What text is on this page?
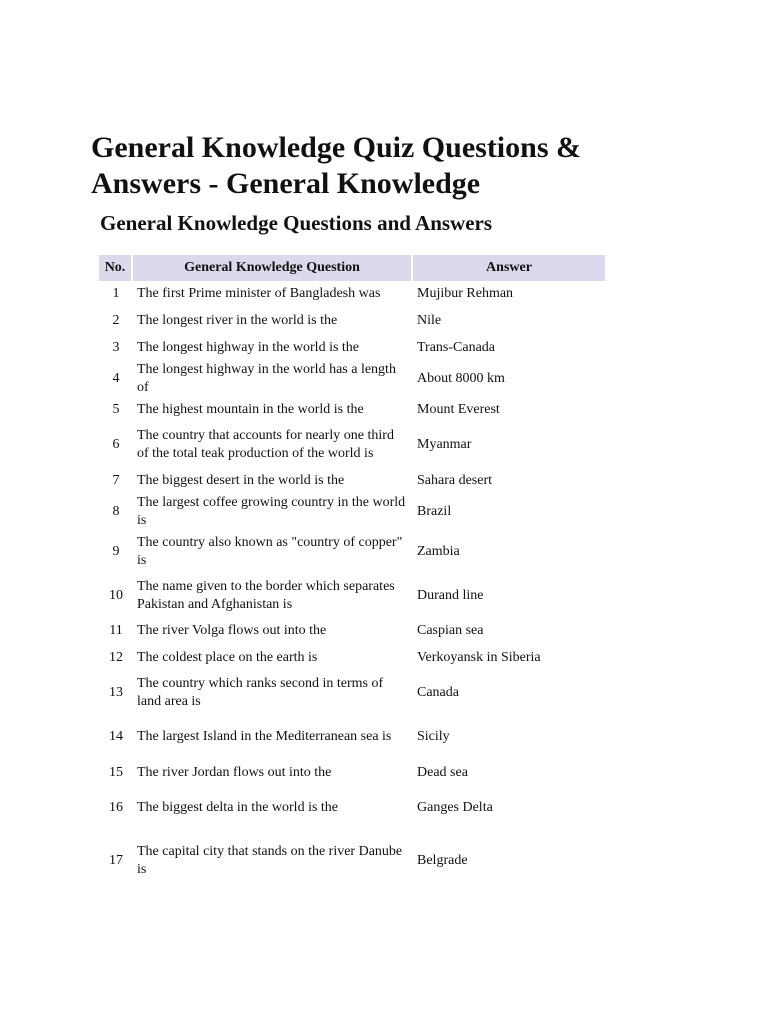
General Knowledge Quiz Questions & Answers - General Knowledge
General Knowledge Questions and Answers
No.	General Knowledge Question	Answer
1	The first Prime minister of Bangladesh was	Mujibur Rehman
2	The longest river in the world is the	Nile
3	The longest highway in the world is the	Trans-Canada
4	The longest highway in the world has a length of	About 8000 km
5	The highest mountain in the world is the	Mount Everest
6	The country that accounts for nearly one third of the total teak production of the world is	Myanmar
7	The biggest desert in the world is the	Sahara desert
8	The largest coffee growing country in the world is	Brazil
9	The country also known as "country of copper" is	Zambia
10	The name given to the border which separates Pakistan and Afghanistan is	Durand line
11	The river Volga flows out into the	Caspian sea
12	The coldest place on the earth is	Verkoyansk in Siberia
13	The country which ranks second in terms of land area is	Canada
14	The largest Island in the Mediterranean sea is	Sicily
15	The river Jordan flows out into the	Dead sea
16	The biggest delta in the world is the	Ganges Delta
17	The capital city that stands on the river Danube is	Belgrade
